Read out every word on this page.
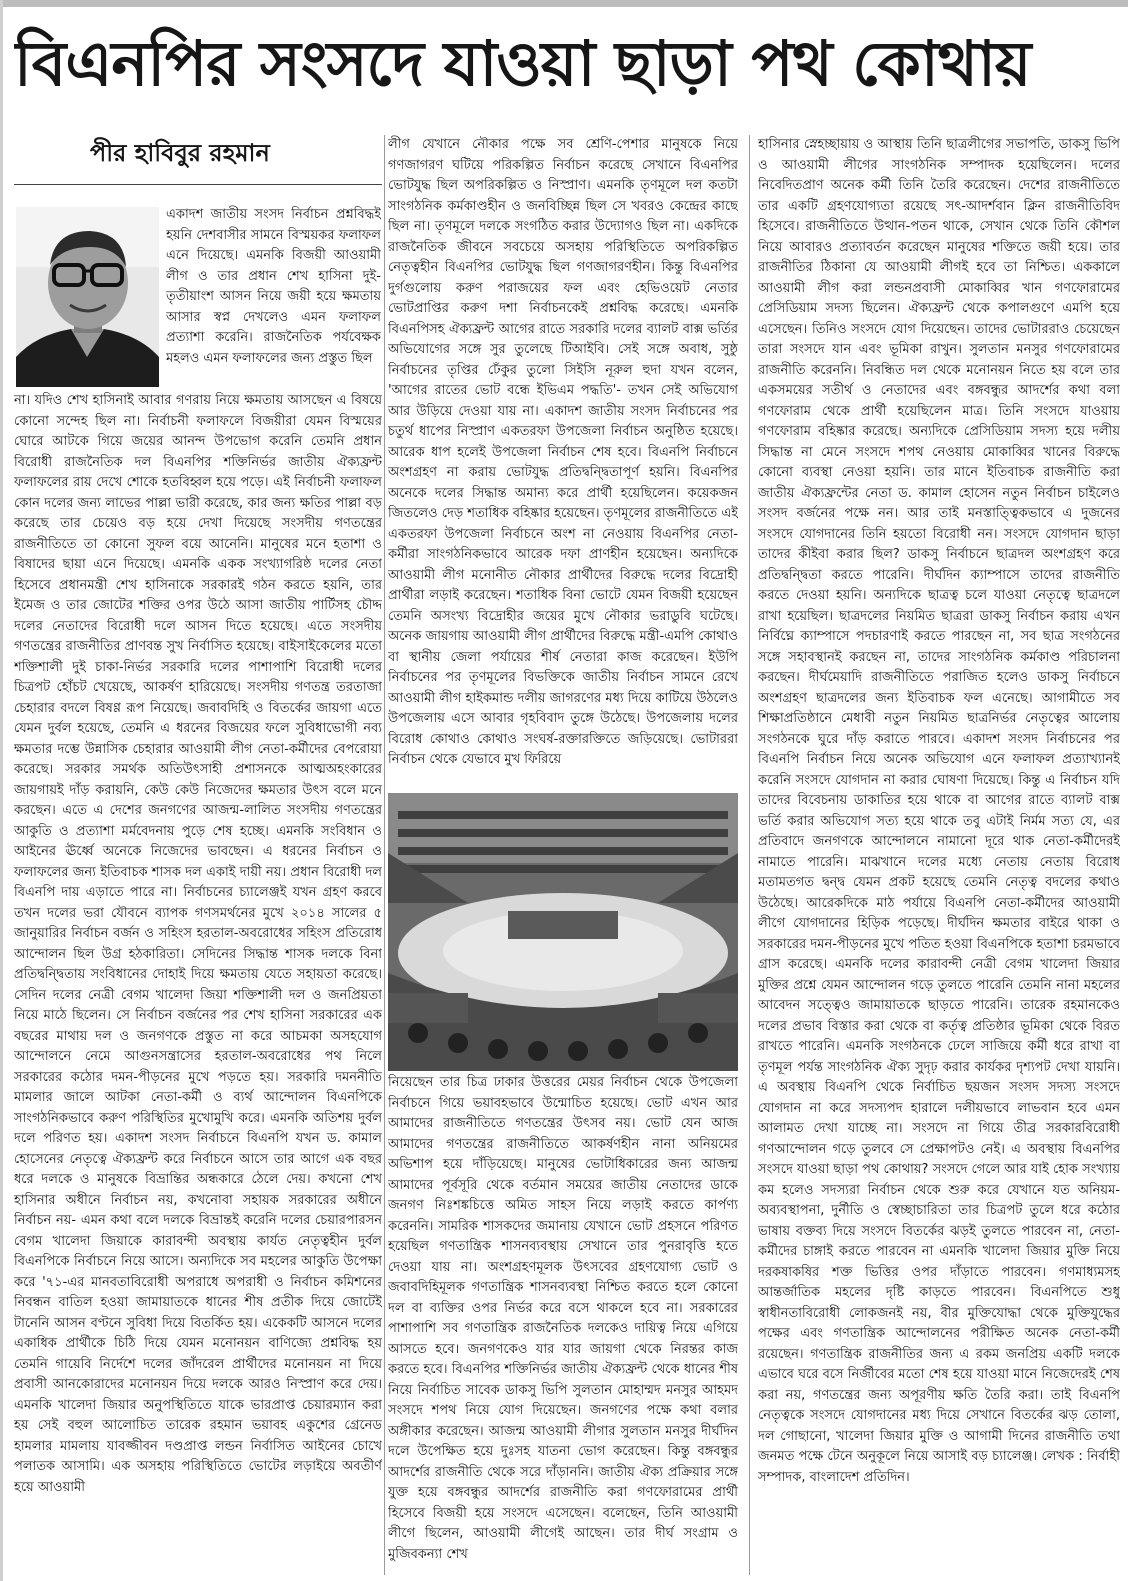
বিএনপির সংসদে যাওয়া ছাড়া পথ কোথায়
পীর হাবিবুর রহমান

একাদশ জাতীয় সংসদ নির্বাচন প্রশ্নবিদ্ধই হয়নি দেশবাসীর সামনে বিস্ময়কর ফলাফল এনে দিয়েছে। এমনকি বিজয়ী আওয়ামী লীগ ও তার প্রধান শেখ হাসিনা দুই-তৃতীয়াংশ আসন নিয়ে জয়ী হয়ে ক্ষমতায় আসার স্বপ্ন দেখলেও এমন ফলাফল প্রত্যাশা করেনি। রাজনৈতিক পর্যবেক্ষক মহলও এমন ফলাফলের জন্য প্রস্তুত ছিল

না। যদিও শেখ হাসিনাই আবার গণরায় নিয়ে ক্ষমতায় আসছেন এ বিষয়ে কোনো সন্দেহ ছিল না। নির্বাচনী ফলাফলে বিজয়ীরা যেমন বিস্ময়ের ঘোরে আটকে গিয়ে জয়ের আনন্দ উপভোগ করেনি তেমনি প্রধান বিরোধী রাজনৈতিক দল বিএনপির শক্তিনির্ভর জাতীয় ঐক্যফ্রন্ট ফলাফলের রায় দেখে শোকে হতবিহ্বল হয়ে পড়ে। এই নির্বাচনী ফলাফল কোন দলের জন্য লাভের পাল্লা ভারী করেছে, কার জন্য ক্ষতির পাল্লা বড় করেছে তার চেয়েও বড় হয়ে দেখা দিয়েছে সংসদীয় গণতন্ত্রের রাজনীতিতে তা কোনো সুফল বয়ে আনেনি। মানুষের মনে হতাশা ও বিষাদের ছায়া এনে দিয়েছে। এমনকি একক সংখ্যাগরিষ্ঠ দলের নেতা হিসেবে প্রধানমন্ত্রী শেখ হাসিনাকে সরকারই গঠন করতে হয়নি, তার ইমেজ ও তার জোটের শক্তির ওপর উঠে আসা জাতীয় পার্টিসহ চৌদ্দ দলের নেতাদের বিরোধী দলে আসন দিতে হয়েছে। এতে সংসদীয় গণতন্ত্রের রাজনীতির প্রাণবন্ত সুখ নির্বাসিত হয়েছে। বাইসাইকেলের মতো শক্তিশালী দুই চাকা-নির্ভর সরকারি দলের পাশাপাশি বিরোধী দলের চিত্রপট হোঁচট খেয়েছে, আকর্ষণ হারিয়েছে। সংসদীয় গণতন্ত্র তরতাজা চেহারার বদলে বিষণ্ণ রূপ নিয়েছে। জবাবদিহি ও বিতর্কের জায়গা এতে যেমন দুর্বল হয়েছে, তেমনি এ ধরনের বিজয়ের ফলে সুবিধাভোগী নব্য ক্ষমতার দম্ভে উন্নাসিক চেহারার আওয়ামী লীগ নেতা-কর্মীদের বেপরোয়া করেছে। সরকার সমর্থক অতিউৎসাহী প্রশাসনকে আত্মঅহংকারের জায়গায়ই দাঁড় করায়নি, কেউ কেউ নিজেদের ক্ষমতার উৎস বলে মনে করছেন। এতে এ দেশের জনগণের আজন্ম-লালিত সংসদীয় গণতন্ত্রের আকুতি ও প্রত্যাশা মর্মবেদনায় পুড়ে শেষ হচ্ছে। এমনকি সংবিধান ও আইনের ঊর্ধ্বে অনেকে নিজেদের ভাবছেন। এ ধরনের নির্বাচন ও ফলাফলের জন্য ইতিবাচক শাসক দল একাই দায়ী নয়। প্রধান বিরোধী দল বিএনপি দায় এড়াতে পারে না। নির্বাচনের চ্যালেঞ্জই যখন গ্রহণ করবে তখন দলের ভরা যৌবনে ব্যাপক গণসমর্থনের মুখে ২০১৪ সালের ৫ জানুয়ারির নির্বাচন বর্জন ও সহিংস হরতাল-অবরোধের সহিংস প্রতিরোধ আন্দোলন ছিল উগ্র হঠকারিতা। সেদিনের সিদ্ধান্ত শাসক দলকে বিনা প্রতিদ্বন্দ্বিতায় সংবিধানের দোহাই দিয়ে ক্ষমতায় যেতে সহায়তা করেছে। সেদিন দলের নেত্রী বেগম খালেদা জিয়া শক্তিশালী দল ও জনপ্রিয়তা নিয়ে মাঠে ছিলেন। সে নির্বাচন বর্জনের পর শেখ হাসিনা সরকারের এক বছরের মাথায় দল ও জনগণকে প্রস্তুত না করে আচমকা অসহযোগ আন্দোলনে নেমে আগুনসন্ত্রাসের হরতাল-অবরোধের পথ নিলে সরকারের কঠোর দমন-পীড়নের মুখে পড়তে হয়। সরকারি দমননীতি মামলার জালে আটকা নেতা-কর্মী ও ব্যর্থ আন্দোলন বিএনপিকে সাংগঠনিকভাবে করুণ পরিস্থিতির মুখোমুখি করে। এমনকি অতিশয় দুর্বল দলে পরিণত হয়। একাদশ সংসদ নির্বাচনে বিএনপি যখন ড. কামাল হোসেনের নেতৃত্বে ঐক্যফ্রন্ট করে নির্বাচনে আসে তার আগে এক বছর ধরে দলকে ও মানুষকে বিভ্রান্তির অন্ধকারে ঠেলে দেয়। কখনো শেখ হাসিনার অধীনে নির্বাচন নয়, কখনোবা সহায়ক সরকারের অধীনে নির্বাচন নয়- এমন কথা বলে দলকে বিভ্রান্তই করেনি দলের চেয়ারপারসন বেগম খালেদা জিয়াকে কারাবন্দী অবস্থায় কার্যত নেতৃত্বহীন দুর্বল বিএনপিকে নির্বাচনে নিয়ে আসে। অন্যদিকে সব মহলের আকুতি উপেক্ষা করে '৭১-এর মানবতাবিরোধী অপরাধে অপরাধী ও নির্বাচন কমিশনের নিবন্ধন বাতিল হওয়া জামায়াতকে ধানের শীষ প্রতীক দিয়ে জোটেই টানেনি আসন বণ্টনে সুবিধা দিয়ে বিতর্কিত হয়। একেকটি আসনে দলের একাধিক প্রার্থীকে চিঠি দিয়ে যেমন মনোনয়ন বাণিজ্যে প্রশ্নবিদ্ধ হয় তেমনি গায়েবি নির্দেশে দলের জাঁদরেল প্রার্থীদের মনোনয়ন না দিয়ে প্রবাসী আনকোরাদের মনোনয়ন দিয়ে দলকে আরও নিস্প্রাণ করে দেয়। এমনকি খালেদা জিয়ার অনুপস্থিতিতে যাকে ভারপ্রাপ্ত চেয়ারম্যান করা হয় সেই বহুল আলোচিত তারেক রহমান ভয়াবহ একুশের গ্রেনেড হামলার মামলায় যাবজ্জীবন দণ্ডপ্রাপ্ত লন্ডন নির্বাসিত আইনের চোখে পলাতক আসামি। এক অসহায় পরিস্থিতিতে ভোটের লড়াইয়ে অবতীর্ণ হয়ে আওয়ামী

লীগ যেখানে নৌকার পক্ষে সব শ্রেণি-পেশার মানুষকে নিয়ে গণজাগরণ ঘটিয়ে পরিকল্পিত নির্বাচন করেছে সেখানে বিএনপির ভোটযুদ্ধ ছিল অপরিকল্পিত ও নিস্প্রাণ। এমনকি তৃণমূলে দল কতটা সাংগঠনিক কর্মকাণ্ডহীন ও জনবিচ্ছিন্ন ছিল সে খবরও কেন্দ্রের কাছে ছিল না। তৃণমূলে দলকে সংগঠিত করার উদ্যোগও ছিল না। একদিকে রাজনৈতিক জীবনে সবচেয়ে অসহায় পরিস্থিতিতে অপরিকল্পিত নেতৃত্বহীন বিএনপির ভোটযুদ্ধ ছিল গণজাগরণহীন। কিন্তু বিএনপির দুর্গগুলোয় করুণ পরাজয়ের ফল এবং হেভিওয়েট নেতার ভোটপ্রাপ্তির করুণ দশা নির্বাচনকেই প্রশ্নবিদ্ধ করেছে। এমনকি বিএনপিসহ ঐক্যফ্রন্ট আগের রাতে সরকারি দলের ব্যালট বাক্স ভর্তির অভিযোগের সঙ্গে সুর তুলেছে টিআইবি। সেই সঙ্গে অবাধ, সুষ্ঠু নির্বাচনের তৃপ্তির ঢেঁকুর তুলো সিইসি নূরুল হুদা যখন বলেন, 'আগের রাতের ভোট বন্ধে ইভিএম পদ্ধতি'- তখন সেই অভিযোগ আর উড়িয়ে দেওয়া যায় না। একাদশ জাতীয় সংসদ নির্বাচনের পর চতুর্থ ধাপের নিস্প্রাণ একতরফা উপজেলা নির্বাচন অনুষ্ঠিত হয়েছে। আরেক ধাপ হলেই উপজেলা নির্বাচন শেষ হবে। বিএনপি নির্বাচনে অংশগ্রহণ না করায় ভোটযুদ্ধ প্রতিদ্বন্দ্বিতাপূর্ণ হয়নি। বিএনপির অনেকে দলের সিদ্ধান্ত অমান্য করে প্রার্থী হয়েছিলেন। কয়েকজন জিতলেও দেড় শতাধিক বহিষ্কার হয়েছেন। তৃণমূলের রাজনীতিতে এই একতরফা উপজেলা নির্বাচনে অংশ না নেওয়ায় বিএনপির নেতা-কর্মীরা সাংগঠনিকভাবে আরেক দফা প্রাণহীন হয়েছেন। অন্যদিকে আওয়ামী লীগ মনোনীত নৌকার প্রার্থীদের বিরুদ্ধে দলের বিদ্রোহী প্রার্থীরা লড়াই করেছেন। শতাধিক বিনা ভোটে যেমন বিজয়ী হয়েছেন তেমনি অসংখ্য বিদ্রোহীর জয়ের মুখে নৌকার ভরাডুবি ঘটেছে। অনেক জায়গায় আওয়ামী লীগ প্রার্থীদের বিরুদ্ধে মন্ত্রী-এমপি কোথাও বা স্থানীয় জেলা পর্যায়ের শীর্ষ নেতারা কাজ করেছেন। ইউপি নির্বাচনের পর তৃণমূলের বিভক্তিকে জাতীয় নির্বাচন সামনে রেখে আওয়ামী লীগ হাইকমান্ড দলীয় জাগরণের মধ্য দিয়ে কাটিয়ে উঠলেও উপজেলায় এসে আবার গৃহবিবাদ তুঙ্গে উঠেছে। উপজেলায় দলের বিরোধ কোথাও কোথাও সংঘর্ষ-রক্তারক্তিতে জড়িয়েছে। ভোটাররা নির্বাচন থেকে যেভাবে মুখ ফিরিয়ে

নিয়েছেন তার চিত্র ঢাকার উত্তরের মেয়র নির্বাচন থেকে উপজেলা নির্বাচনে গিয়ে ভয়াবহভাবে উন্মোচিত হয়েছে। ভোট এখন আর আমাদের রাজনীতিতে গণতন্ত্রের উৎসব নয়। ভোট যেন আজ আমাদের গণতন্ত্রের রাজনীতিতে আকর্ষণহীন নানা অনিয়মের অভিশাপ হয়ে দাঁড়িয়েছে। মানুষের ভোটাধিকারের জন্য আজন্ম আমাদের পূর্বসূরি থেকে বর্তমান সময়ের জাতীয় নেতাদের ডাকে জনগণ নিঃশঙ্কচিত্তে অমিত সাহস নিয়ে লড়াই করতে কার্পণ্য করেননি। সামরিক শাসকদের জমানায় যেখানে ভোট প্রহসনে পরিণত হয়েছিল গণতান্ত্রিক শাসনব্যবস্থায় সেখানে তার পুনরাবৃত্তি হতে দেওয়া যায় না। অংশগ্রহণমূলক উৎসবের গ্রহণযোগ্য ভোট ও জবাবদিহিমূলক গণতান্ত্রিক শাসনব্যবস্থা নিশ্চিত করতে হলে কোনো দল বা ব্যক্তির ওপর নির্ভর করে বসে থাকলে হবে না। সরকারের পাশাপাশি সব গণতান্ত্রিক রাজনৈতিক দলকেও দায়িত্ব নিয়ে এগিয়ে আসতে হবে। জনগণকেও যার যার জায়গা থেকে নিরন্তর কাজ করতে হবে। বিএনপির শক্তিনির্ভর জাতীয় ঐক্যফ্রন্ট থেকে ধানের শীষ নিয়ে নির্বাচিত সাবেক ডাকসু ভিপি সুলতান মোহাম্মদ মনসুর আহমদ সংসদে শপথ নিয়ে যোগ দিয়েছেন। জনগণের পক্ষে কথা বলার অঙ্গীকার করেছেন। আজন্ম আওয়ামী লীগার সুলতান মনসুর দীর্ঘদিন দলে উপেক্ষিত হয়ে দুঃসহ যাতনা ভোগ করেছেন। কিন্তু বঙ্গবন্ধুর আদর্শের রাজনীতি থেকে সরে দাঁড়াননি। জাতীয় ঐক্য প্রক্রিয়ার সঙ্গে যুক্ত হয়ে বঙ্গবন্ধুর আদর্শের রাজনীতি করা গণফোরামের প্রার্থী হিসেবে বিজয়ী হয়ে সংসদে এসেছেন। বলেছেন, তিনি আওয়ামী লীগে ছিলেন, আওয়ামী লীগেই আছেন। তার দীর্ঘ সংগ্রাম ও মুজিবকন্যা শেখ

হাসিনার স্নেহচ্ছায়ায় ও আস্থায় তিনি ছাত্রলীগের সভাপতি, ডাকসু ভিপি ও আওয়ামী লীগের সাংগঠনিক সম্পাদক হয়েছিলেন। দলের নিবেদিতপ্রাণ অনেক কর্মী তিনি তৈরি করেছেন। দেশের রাজনীতিতে তার একটি গ্রহণযোগ্যতা রয়েছে সৎ-আদর্শবান ক্লিন রাজনীতিবিদ হিসেবে। রাজনীতিতে উত্থান-পতন থাকে, সেখান থেকে তিনি কৌশল নিয়ে আবারও প্রত্যাবর্তন করেছেন মানুষের শক্তিতে জয়ী হয়ে। তার রাজনীতির ঠিকানা যে আওয়ামী লীগই হবে তা নিশ্চিত। এককালে আওয়ামী লীগ করা লন্ডনপ্রবাসী মোকাব্বির খান গণফোরামের প্রেসিডিয়াম সদস্য ছিলেন। ঐক্যফ্রন্ট থেকে কপালগুণে এমপি হয়ে এসেছেন। তিনিও সংসদে যোগ দিয়েছেন। তাদের ভোটাররাও চেয়েছেন তারা সংসদে যান এবং ভূমিকা রাখুন। সুলতান মনসুর গণফোরামের রাজনীতি করেননি। নিবন্ধিত দল থেকে মনোনয়ন নিতে হয় বলে তার একসময়ের সতীর্থ ও নেতাদের এবং বঙ্গবন্ধুর আদর্শের কথা বলা গণফোরাম থেকে প্রার্থী হয়েছিলেন মাত্র। তিনি সংসদে যাওয়ায় গণফোরাম বহিষ্কার করেছে। অন্যদিকে প্রেসিডিয়াম সদস্য হয়ে দলীয় সিদ্ধান্ত না মেনে সংসদে শপথ নেওয়ায় মোকাব্বির খানের বিরুদ্ধে কোনো ব্যবস্থা নেওয়া হয়নি। তার মানে ইতিবাচক রাজনীতি করা জাতীয় ঐক্যফ্রন্টের নেতা ড. কামাল হোসেন নতুন নির্বাচন চাইলেও সংসদ বর্জনের পক্ষে নন। আর তাই মনস্তাত্ত্বিকভাবে এ দুজনের সংসদে যোগদানের তিনি হয়তো বিরোধী নন। সংসদে যোগদান ছাড়া তাদের কীইবা করার ছিল? ডাকসু নির্বাচনে ছাত্রদল অংশগ্রহণ করে প্রতিদ্বন্দ্বিতা করতে পারেনি। দীর্ঘদিন ক্যাম্পাসে তাদের রাজনীতি করতে দেওয়া হয়নি। অন্যদিকে ছাত্রত্ব চলে যাওয়া নেতৃত্বে ছাত্রদলে রাখা হয়েছিল। ছাত্রদলের নিয়মিত ছাত্ররা ডাকসু নির্বাচন করায় এখন নির্বিঘ্নে ক্যাম্পাসে পদচারণাই করতে পারছেন না, সব ছাত্র সংগঠনের সঙ্গে সহাবস্থানই করছেন না, তাদের সাংগঠনিক কর্মকাণ্ড পরিচালনা করছেন। দীর্ঘমেয়াদি রাজনীতিতে পরাজিত হলেও ডাকসু নির্বাচনে অংশগ্রহণ ছাত্রদলের জন্য ইতিবাচক ফল এনেছে। আগামীতে সব শিক্ষাপ্রতিষ্ঠানে মেধাবী নতুন নিয়মিত ছাত্রনির্ভর নেতৃত্বের আলোয় সংগঠনকে ঘুরে দাঁড় করাতে পারবে। একাদশ সংসদ নির্বাচনের পর বিএনপি নির্বাচন নিয়ে অনেক অভিযোগ এনে ফলাফল প্রত্যাখ্যানই করেনি সংসদে যোগদান না করার ঘোষণা দিয়েছে। কিন্তু এ নির্বাচন যদি তাদের বিবেচনায় ডাকাতির হয়ে থাকে বা আগের রাতে ব্যালট বাক্স ভর্তি করার অভিযোগ সত্য হয়ে থাকে তবু এটাই নির্মম সত্য যে, এর প্রতিবাদে জনগণকে আন্দোলনে নামানো দূরে থাক নেতা-কর্মীদেরই নামাতে পারেনি। মাঝখানে দলের মধ্যে নেতায় নেতায় বিরোধ মতামতগত দ্বন্দ্ব যেমন প্রকট হয়েছে তেমনি নেতৃত্ব বদলের কথাও উঠেছে। আরেকদিকে মাঠ পর্যায়ে বিএনপি নেতা-কর্মীদের আওয়ামী লীগে যোগদানের হিড়িক পড়েছে। দীর্ঘদিন ক্ষমতার বাইরে থাকা ও সরকারের দমন-পীড়নের মুখে পতিত হওয়া বিএনপিকে হতাশা চরমভাবে গ্রাস করেছে। এমনকি দলের কারাবন্দী নেত্রী বেগম খালেদা জিয়ার মুক্তির প্রশ্নে যেমন আন্দোলন গড়ে তুলতে পারেনি তেমনি নানা মহলের আবেদন সত্ত্বেও জামায়াতকে ছাড়তে পারেনি। তারেক রহমানকেও দলের প্রভাব বিস্তার করা থেকে বা কর্তৃত্ব প্রতিষ্ঠার ভূমিকা থেকে বিরত রাখতে পারেনি। এমনকি সংগঠনকে ঢেলে সাজিয়ে কর্মী ধরে রাখা বা তৃণমূল পর্যন্ত সাংগঠনিক ঐক্য সুদৃঢ় করার কার্যকর দৃশ্যপট দেখা যায়নি। এ অবস্থায় বিএনপি থেকে নির্বাচিত ছয়জন সংসদ সদস্য সংসদে যোগদান না করে সদস্যপদ হারালে দলীয়ভাবে লাভবান হবে এমন আলামত দেখা যাচ্ছে না। সংসদে না গিয়ে তীব্র সরকারবিরোধী গণআন্দোলন গড়ে তুলবে সে প্রেক্ষাপটও নেই। এ অবস্থায় বিএনপির সংসদে যাওয়া ছাড়া পথ কোথায়? সংসদে গেলে আর যাই হোক সংখ্যায় কম হলেও সদস্যরা নির্বাচন থেকে শুরু করে যেখানে যত অনিয়ম-অব্যবস্থাপনা, দুর্নীতি ও স্বেচ্ছাচারিতা তার চিত্রপট তুলে ধরে কঠোর ভাষায় বক্তব্য দিয়ে সংসদে বিতর্কের ঝড়ই তুলতে পারবেন না, নেতা-কর্মীদের চাঙ্গাই করতে পারবেন না এমনকি খালেদা জিয়ার মুক্তি নিয়ে দরকষাকষির শক্ত ভিত্তির ওপর দাঁড়াতে পারবেন। গণমাধ্যমসহ আন্তর্জাতিক মহলের দৃষ্টি কাড়তে পারবেন। বিএনপিতে শুধু স্বাধীনতাবিরোধী লোকজনই নয়, বীর মুক্তিযোদ্ধা থেকে মুক্তিযুদ্ধের পক্ষের এবং গণতান্ত্রিক আন্দোলনের পরীক্ষিত অনেক নেতা-কর্মী রয়েছেন। গণতান্ত্রিক রাজনীতির জন্য এ রকম জনপ্রিয় একটি দলকে এভাবে ঘরে বসে নির্জীবের মতো শেষ হয়ে যাওয়া মানে নিজেদেরই শেষ করা নয়, গণতন্ত্রের জন্য অপূরণীয় ক্ষতি তৈরি করা। তাই বিএনপি নেতৃত্বকে সংসদে যোগদানের মধ্য দিয়ে সেখানে বিতর্কের ঝড় তোলা, দল গোছানো, খালেদা জিয়ার মুক্তি ও আগামী দিনের রাজনীতি তথা জনমত পক্ষে টেনে অনুকূলে নিয়ে আসাই বড় চ্যালেঞ্জ। লেখক : নির্বাহী সম্পাদক, বাংলাদেশ প্রতিদিন।
